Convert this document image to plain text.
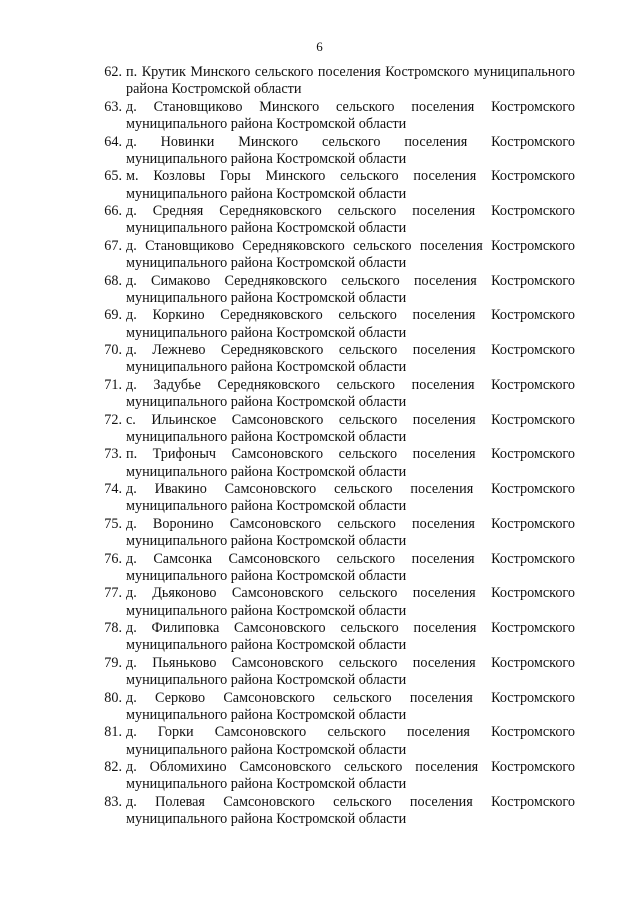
6
62. п. Крутик Минского сельского поселения Костромского муниципального района Костромской области
63. д. Становщиково Минского сельского поселения Костромского муниципального района Костромской области
64. д. Новинки Минского сельского поселения Костромского муниципального района Костромской области
65. м. Козловы Горы Минского сельского поселения Костромского муниципального района Костромской области
66. д. Средняя Середняковского сельского поселения Костромского муниципального района Костромской области
67. д. Становщиково Середняковского сельского поселения Костромского муниципального района Костромской области
68. д. Симаково Середняковского сельского поселения Костромского муниципального района Костромской области
69. д. Коркино Середняковского сельского поселения Костромского муниципального района Костромской области
70. д. Лежнево Середняковского сельского поселения Костромского муниципального района Костромской области
71. д. Задубье Середняковского сельского поселения Костромского муниципального района Костромской области
72. с. Ильинское Самсоновского сельского поселения Костромского муниципального района Костромской области
73. п. Трифоныч Самсоновского сельского поселения Костромского муниципального района Костромской области
74. д. Ивакино Самсоновского сельского поселения Костромского муниципального района Костромской области
75. д. Воронино Самсоновского сельского поселения Костромского муниципального района Костромской области
76. д. Самсонка Самсоновского сельского поселения Костромского муниципального района Костромской области
77. д. Дьяконово Самсоновского сельского поселения Костромского муниципального района Костромской области
78. д. Филиповка Самсоновского сельского поселения Костромского муниципального района Костромской области
79. д. Пьяньково Самсоновского сельского поселения Костромского муниципального района Костромской области
80. д. Серково Самсоновского сельского поселения Костромского муниципального района Костромской области
81. д. Горки Самсоновского сельского поселения Костромского муниципального района Костромской области
82. д. Обломихино Самсоновского сельского поселения Костромского муниципального района Костромской области
83. д. Полевая Самсоновского сельского поселения Костромского муниципального района Костромской области
